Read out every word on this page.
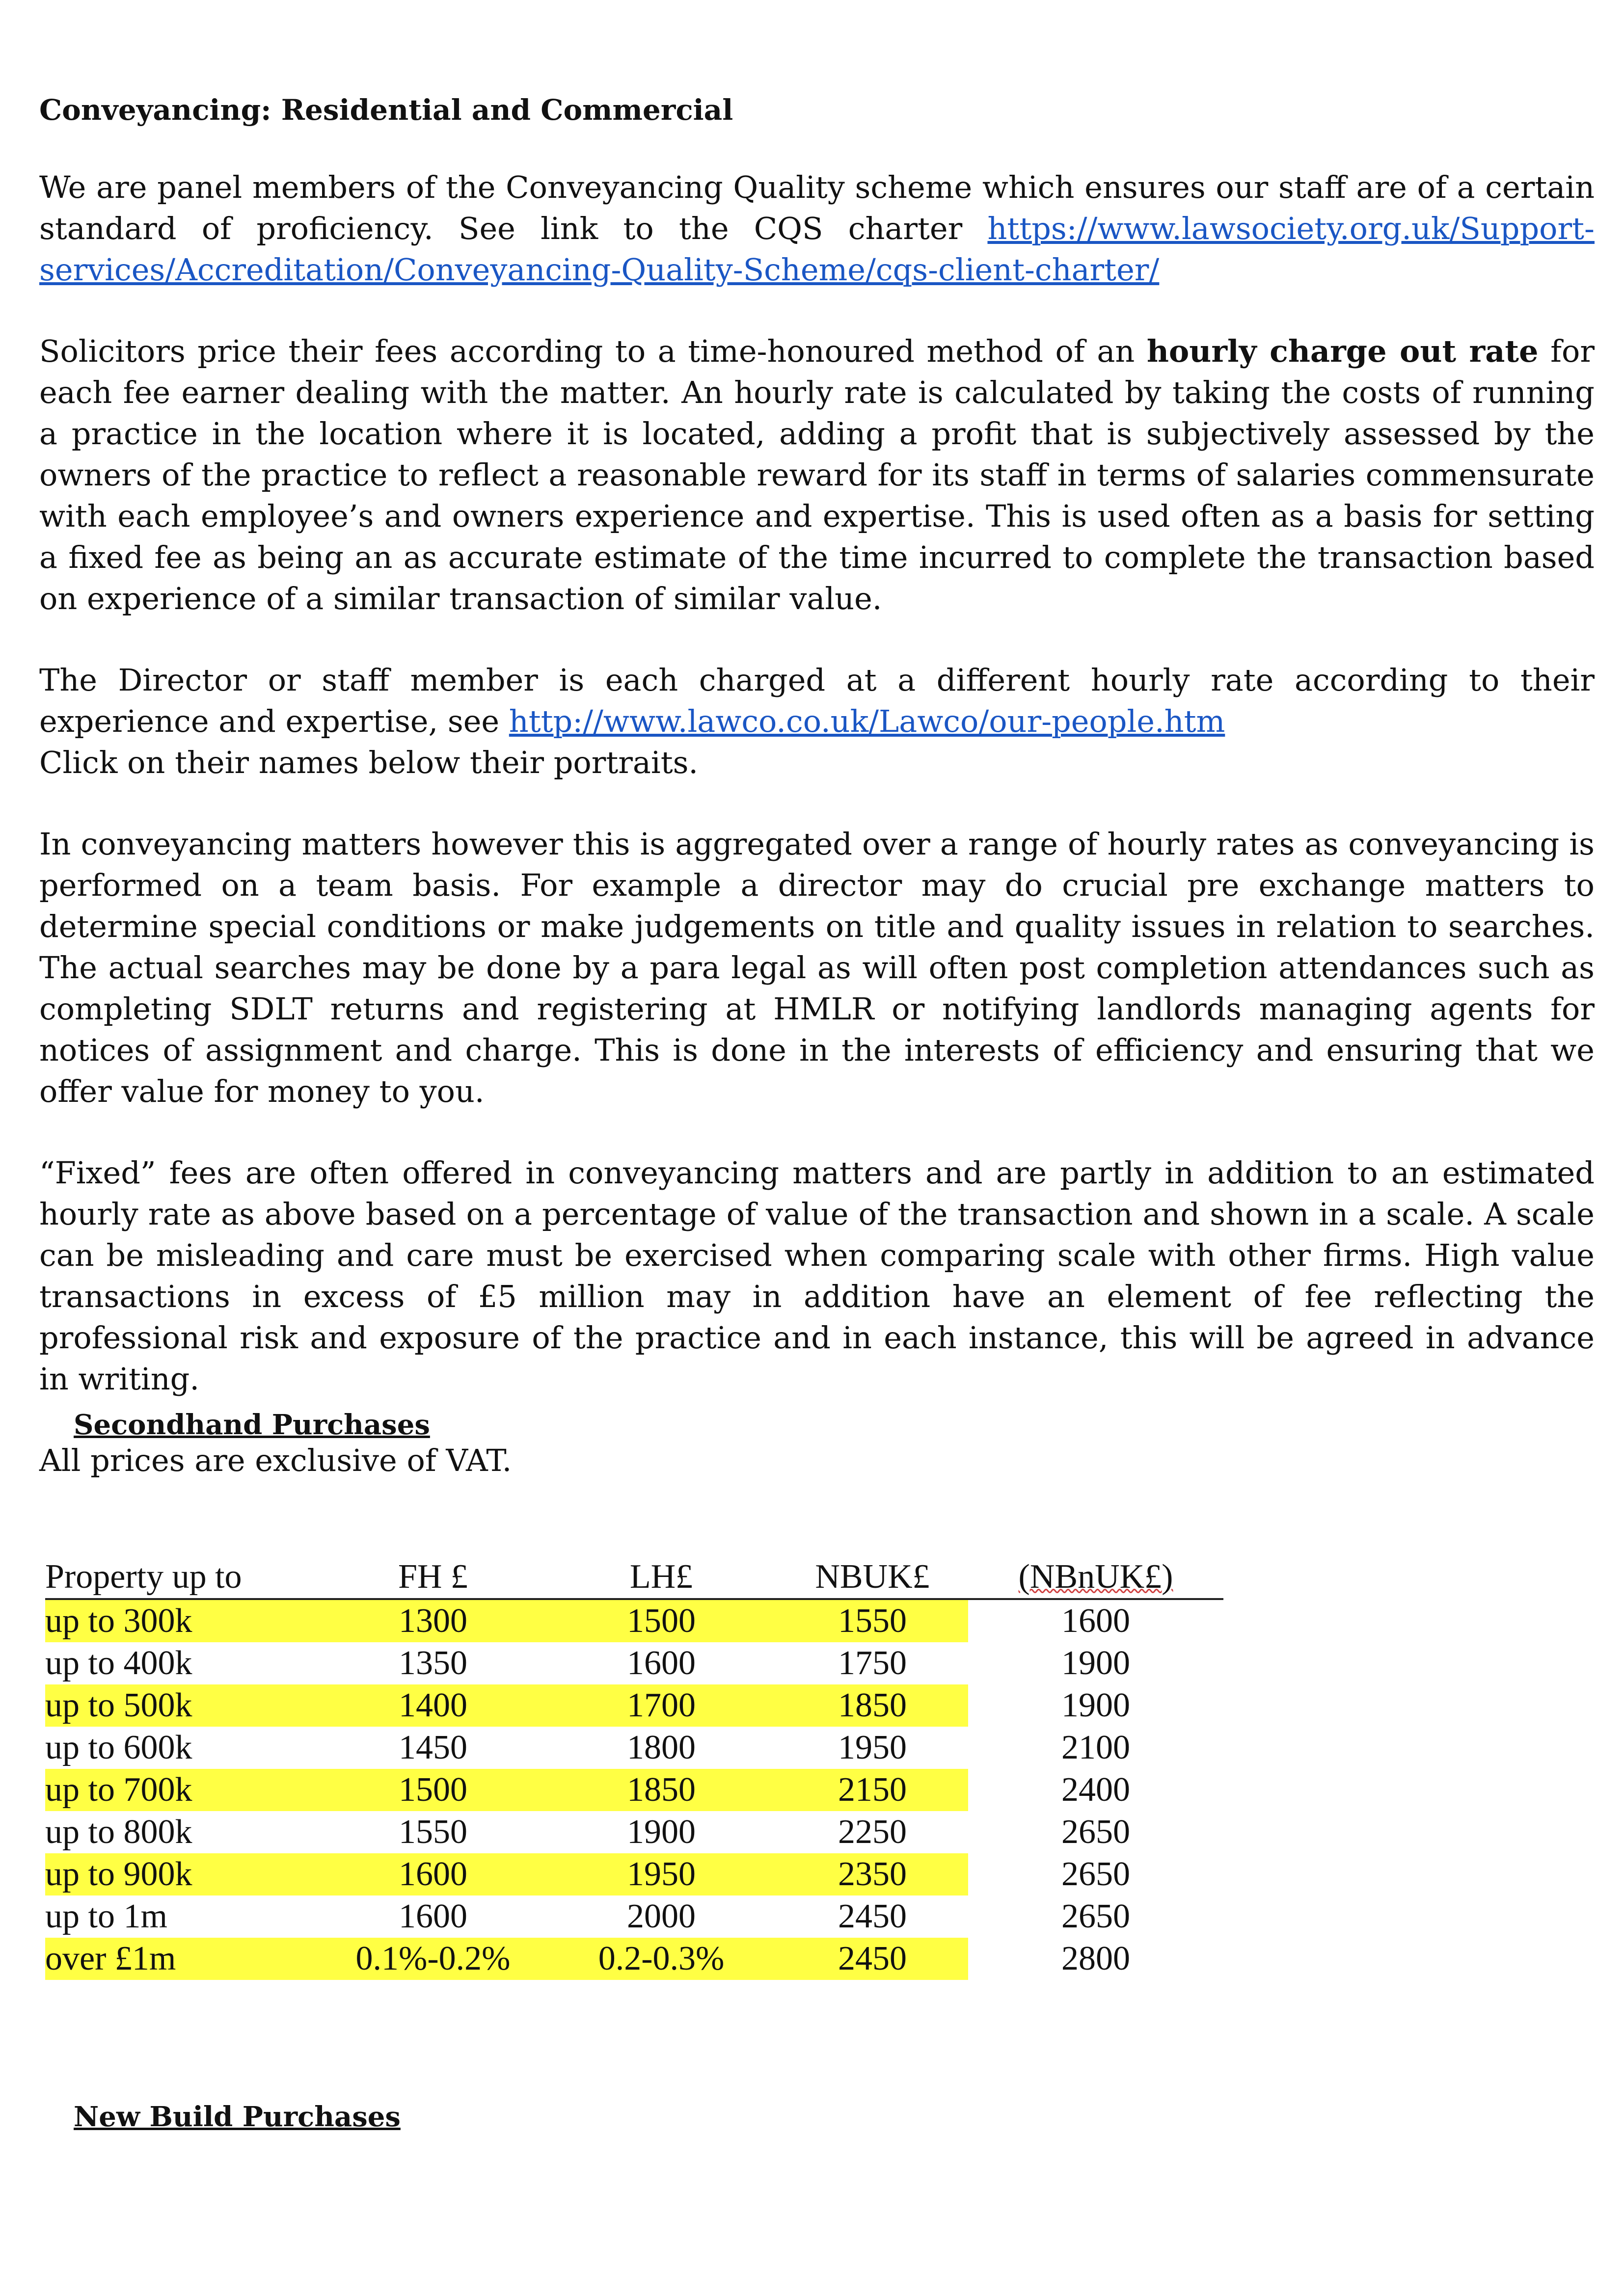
Conveyancing: Residential and Commercial

We are panel members of the Conveyancing Quality scheme which ensures our staff are of a certain standard of proficiency. See link to the CQS charter https://www.lawsociety.org.uk/Support-services/Accreditation/Conveyancing-Quality-Scheme/cqs-client-charter/

Solicitors price their fees according to a time-honoured method of an hourly charge out rate for each fee earner dealing with the matter. An hourly rate is calculated by taking the costs of running a practice in the location where it is located, adding a profit that is subjectively assessed by the owners of the practice to reflect a reasonable reward for its staff in terms of salaries commensurate with each employee’s and owners experience and expertise. This is used often as a basis for setting a fixed fee as being an as accurate estimate of the time incurred to complete the transaction based on experience of a similar transaction of similar value.

The Director or staff member is each charged at a different hourly rate according to their experience and expertise, see http://www.lawco.co.uk/Lawco/our-people.htm

Click on their names below their portraits.

In conveyancing matters however this is aggregated over a range of hourly rates as conveyancing is performed on a team basis. For example a director may do crucial pre exchange matters to determine special conditions or make judgements on title and quality issues in relation to searches. The actual searches may be done by a para legal as will often post completion attendances such as completing SDLT returns and registering at HMLR or notifying landlords managing agents for notices of assignment and charge. This is done in the interests of efficiency and ensuring that we offer value for money to you.

“Fixed” fees are often offered in conveyancing matters and are partly in addition to an estimated hourly rate as above based on a percentage of value of the transaction and shown in a scale. A scale can be misleading and care must be exercised when comparing scale with other firms. High value transactions in excess of £5 million may in addition have an element of fee reflecting the professional risk and exposure of the practice and in each instance, this will be agreed in advance in writing.

All prices are exclusive of VAT.

Secondhand Purchases
Property up to	FH £	LH£	NBUK£	(NBnUK£)
up to 300k	1300	1500	1550	1600
up to 400k	1350	1600	1750	1900
up to 500k	1400	1700	1850	1900
up to 600k	1450	1800	1950	2100
up to 700k	1500	1850	2150	2400
up to 800k	1550	1900	2250	2650
up to 900k	1600	1950	2350	2650
up to 1m	1600	2000	2450	2650
over £1m	0.1%-0.2%	0.2-0.3%	2450	2800
New Build Purchases
